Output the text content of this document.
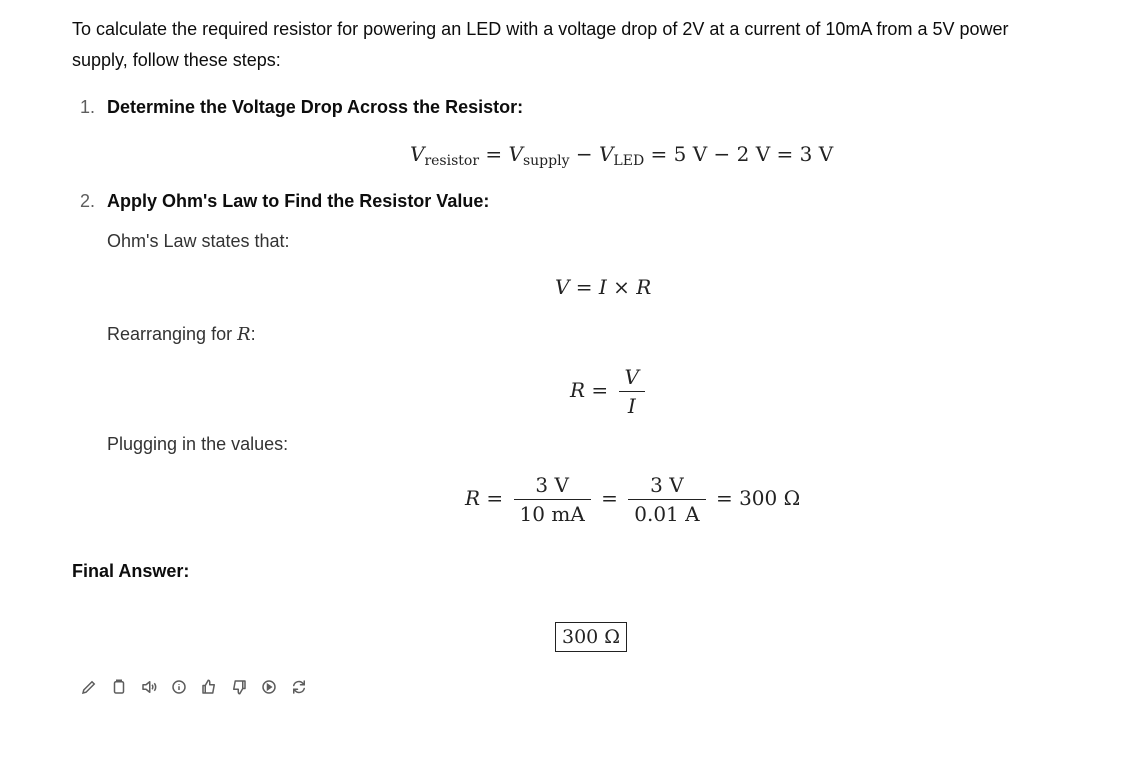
To calculate the required resistor for powering an LED with a voltage drop of 2V at a current of 10mA from a 5V power supply, follow these steps:
1. Determine the Voltage Drop Across the Resistor:
$V_{resistor} = V_{supply} - V_{LED} = 5$ V − 2 V = 3 V
2. Apply Ohm's Law to Find the Resistor Value:
Ohm's Law states that:
V = I × R
Rearranging for R:
$R = \frac{V}{I}$
Plugging in the values:
$R = \frac{3 V}{10 mA} = \frac{3 V}{0.01 A} = 300$ Ω
Final Answer:
300 Ω
